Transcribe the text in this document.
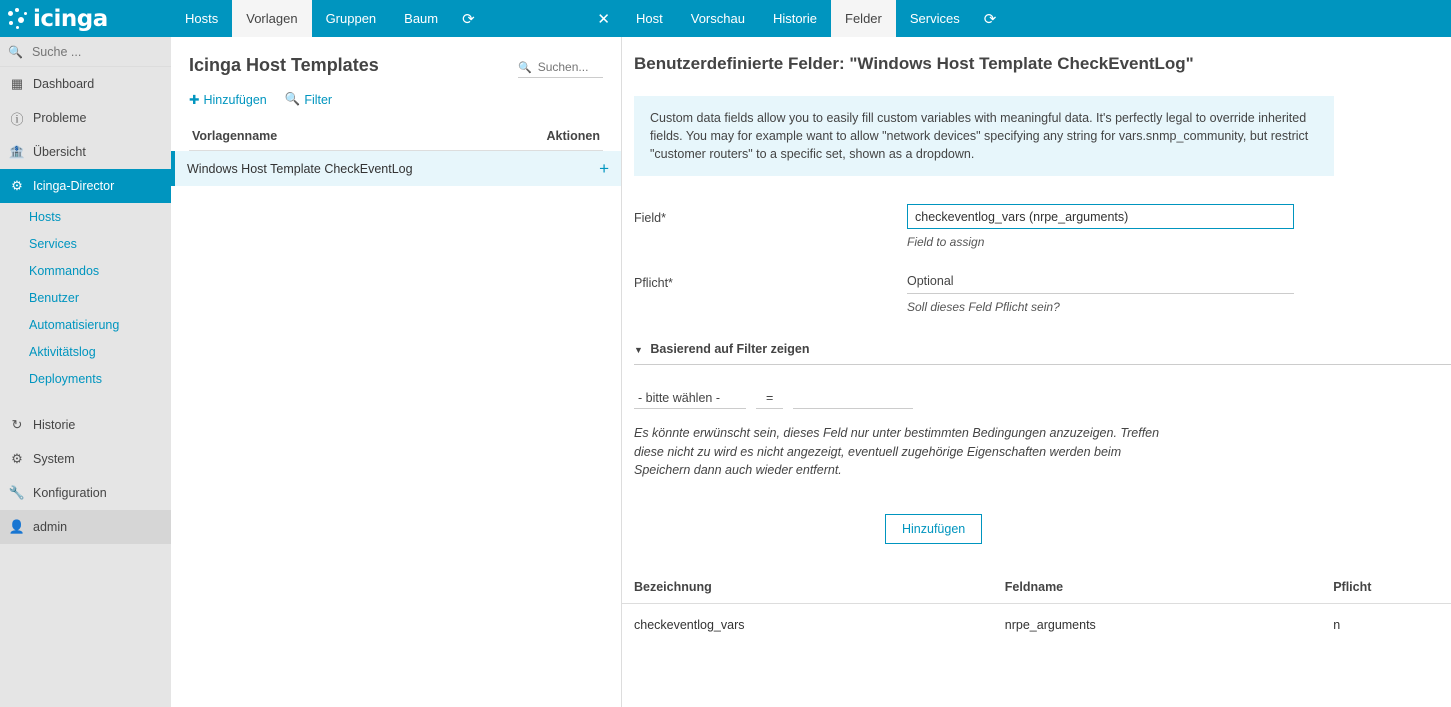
icinga	Hosts	Vorlagen	Gruppen	Baum	⟳	✕	Host	Vorschau	Historie	Felder	Services	⟳
🔍
Suche ...
▦ Dashboard
ⓘ Probleme
🏦 Übersicht
⚙ Icinga-Director
Hosts
Services
Kommandos
Benutzer
Automatisierung
Aktivitätslog
Deployments
↻ Historie
⚙ System
🔧 Konfiguration
👤 admin
Icinga Host Templates	🔍
Suchen...
✚ Hinzufügen 🔍 Filter
Vorlagenname	Aktionen
Windows Host Template CheckEventLog	+
Benutzerdefinierte Felder: "Windows Host Template CheckEventLog"
Custom data fields allow you to easily fill custom variables with meaningful data. It's perfectly legal to override inherited fields. You may for example want to allow "network devices" specifying any string for vars.snmp_community, but restrict "customer routers" to a specific set, shown as a dropdown.
Field*
checkeventlog_vars (nrpe_arguments)
Field to assign
Pflicht*	Optional
Soll dieses Feld Pflicht sein?
▼ Basierend auf Filter zeigen
- bitte wählen -	=
Es könnte erwünscht sein, dieses Feld nur unter bestimmten Bedingungen anzuzeigen. Treffen diese nicht zu wird es nicht angezeigt, eventuell zugehörige Eigenschaften werden beim Speichern dann auch wieder entfernt.
Hinzufügen
Bezeichnung	Feldname	Pflicht
checkeventlog_vars	nrpe_arguments	n
